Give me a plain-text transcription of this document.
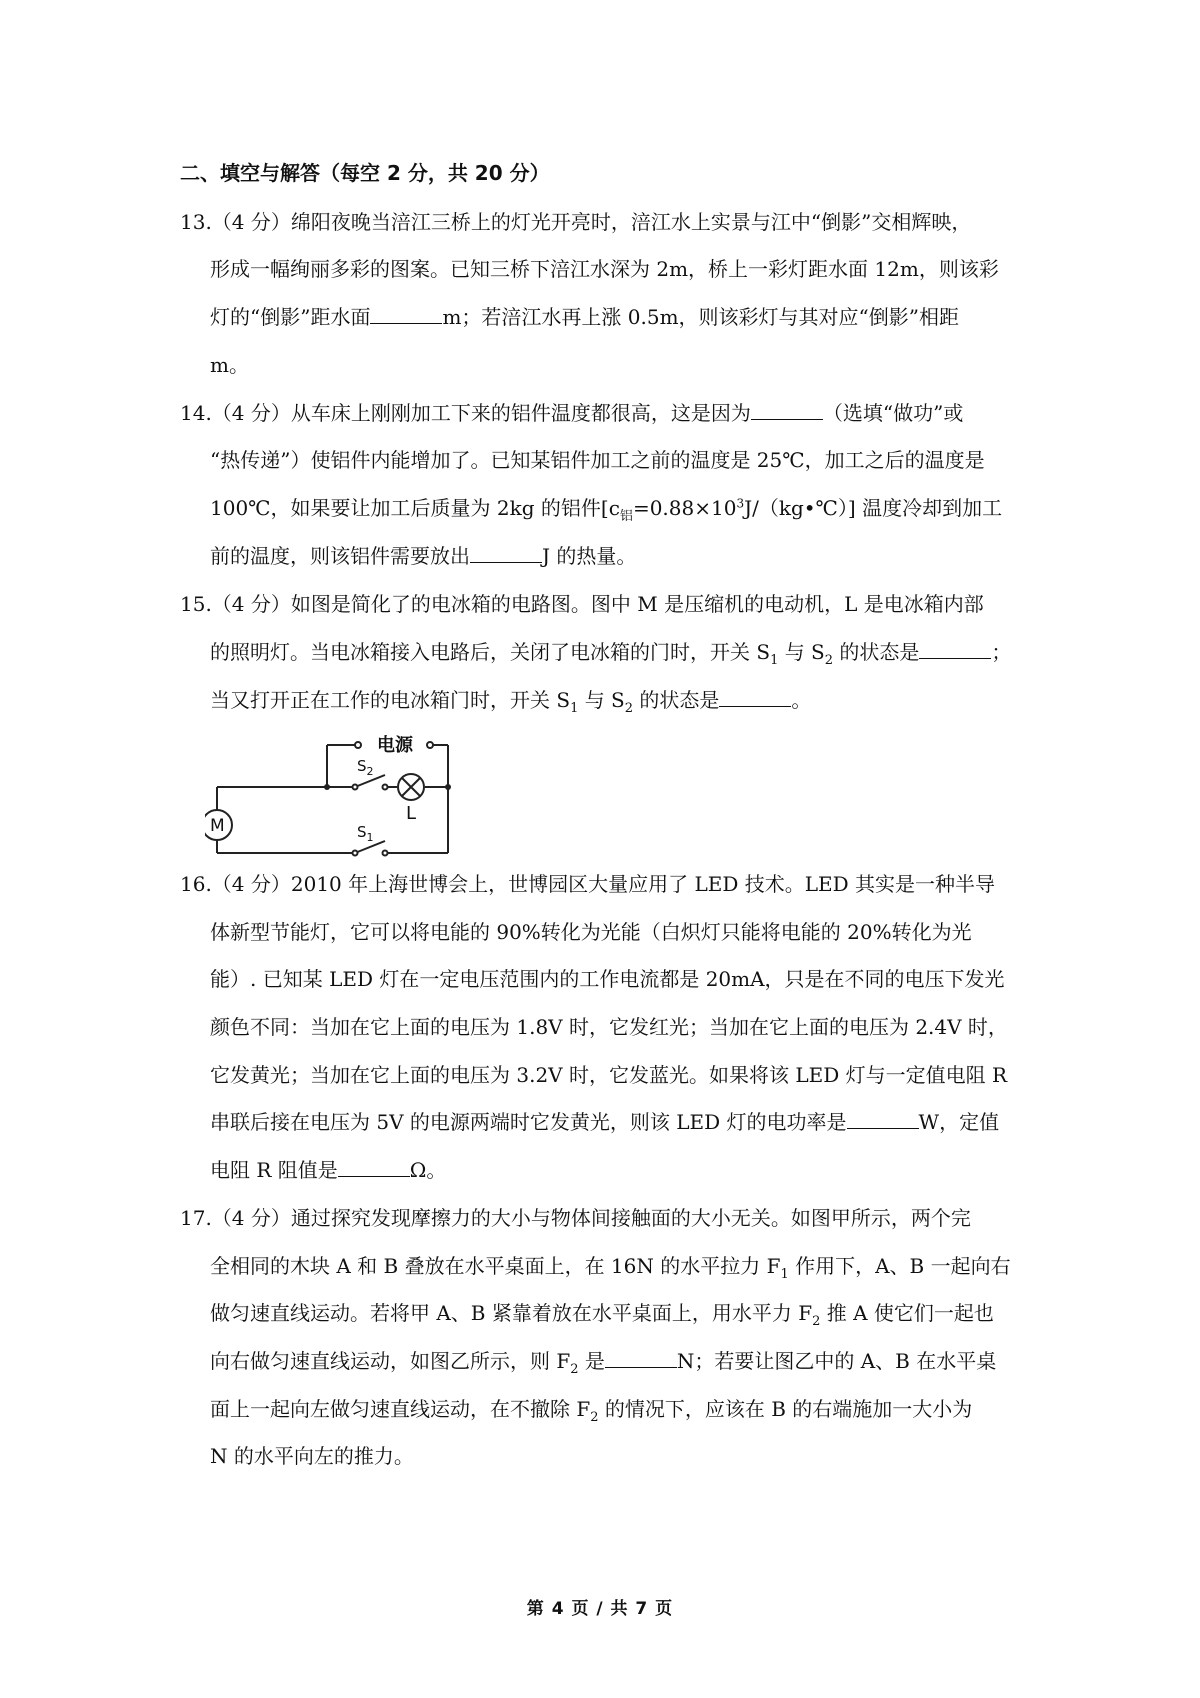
二、填空与解答（每空 2 分，共 20 分）
13.（4 分）绵阳夜晚当涪江三桥上的灯光开亮时，涪江水上实景与江中“倒影”交相辉映，
形成一幅绚丽多彩的图案。已知三桥下涪江水深为 2m，桥上一彩灯距水面 12m，则该彩
灯的“倒影”距水面	m；若涪江水再上涨 0.5m，则该彩灯与其对应“倒影”相距
m。
14.（4 分）从车床上刚刚加工下来的铝件温度都很高，这是因为	（选填“做功”或
“热传递”）使铝件内能增加了。已知某铝件加工之前的温度是 25℃，加工之后的温度是
100℃，如果要让加工后质量为 2kg 的铝件$[c_铝=0.88\times 10^3J/(kg•℃)]$ 温度冷却到加工
前的温度，则该铝件需要放出	J 的热量。
15.（4 分）如图是简化了的电冰箱的电路图。图中 M 是压缩机的电动机，L 是电冰箱内部
的照明灯。当电冰箱接入电路后，关闭了电冰箱的门时，开关 $S_1$ 与 $S_2$ 的状态是	；
当又打开正在工作的电冰箱门时，开关 $S_1$ 与 $S_2$ 的状态是	。
电源
$S_2$
$S_1$
M
L
16.（4 分）2010 年上海世博会上，世博园区大量应用了 LED 技术。LED 其实是一种半导
体新型节能灯，它可以将电能的 90%转化为光能（白炽灯只能将电能的 20%转化为光
能）. 已知某 LED 灯在一定电压范围内的工作电流都是 20mA，只是在不同的电压下发光
颜色不同：当加在它上面的电压为 1.8V 时，它发红光；当加在它上面的电压为 2.4V 时，
它发黄光；当加在它上面的电压为 3.2V 时，它发蓝光。如果将该 LED 灯与一定值电阻 R
串联后接在电压为 5V 的电源两端时它发黄光，则该 LED 灯的电功率是	W，定值
电阻 R 阻值是	Ω。
17.（4 分）通过探究发现摩擦力的大小与物体间接触面的大小无关。如图甲所示，两个完
全相同的木块 A 和 B 叠放在水平桌面上，在 16N 的水平拉力 $F_1$ 作用下，A、B 一起向右
做匀速直线运动。若将甲 A、B 紧靠着放在水平桌面上，用水平力 $F_2$ 推 A 使它们一起也
向右做匀速直线运动，如图乙所示，则 $F_2$ 是	N；若要让图乙中的 A、B 在水平桌
面上一起向左做匀速直线运动，在不撤除 $F_2$ 的情况下，应该在 B 的右端施加一大小为
N 的水平向左的推力。
第 4 页 / 共 7 页
